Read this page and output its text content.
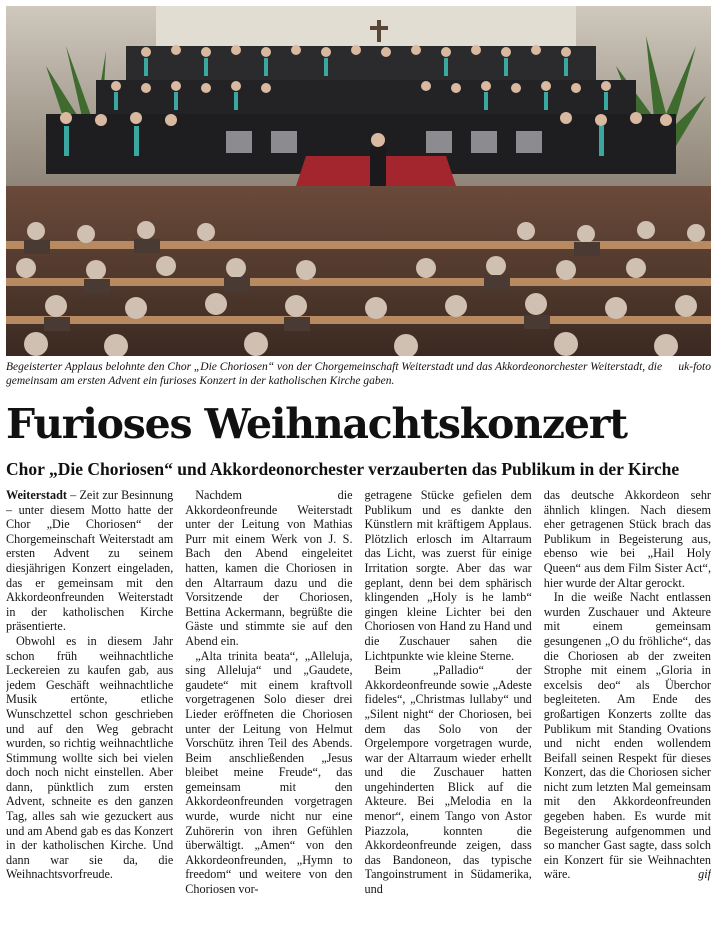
uk-foto
Begeisterter Applaus belohnte den Chor „Die Choriosen“ von der Chorgemeinschaft Weiterstadt und das Akkordeonorchester Weiterstadt, die gemeinsam am ersten Advent ein furioses Konzert in der katholischen Kirche gaben.
Furioses Weihnachtskonzert
Chor „Die Choriosen“ und Akkordeonorchester verzauberten das Publikum in der Kirche

Weiterstadt – Zeit zur Besinnung – unter diesem Motto hatte der Chor „Die Choriosen“ der Chorgemeinschaft Weiterstadt am ersten Advent zu seinem diesjährigen Konzert eingeladen, das er gemeinsam mit den Akkordeonfreunden Weiterstadt in der katholischen Kirche präsentierte.

Obwohl es in diesem Jahr schon früh weihnachtliche Leckereien zu kaufen gab, aus jedem Geschäft weihnachtliche Musik ertönte, etliche Wunschzettel schon geschrieben und auf den Weg gebracht wurden, so richtig weihnachtliche Stimmung wollte sich bei vielen doch noch nicht einstellen. Aber dann, pünktlich zum ersten Advent, schneite es den ganzen Tag, alles sah wie gezuckert aus und am Abend gab es das Konzert in der katholischen Kirche. Und dann war sie da, die Weihnachtsvorfreude.

Nachdem die Akkordeonfreunde Weiterstadt unter der Leitung von Mathias Purr mit einem Werk von J. S. Bach den Abend eingeleitet hatten, kamen die Choriosen in den Altarraum dazu und die Vorsitzende der Choriosen, Bettina Ackermann, begrüßte die Gäste und stimmte sie auf den Abend ein.

„Alta trinita beata“, „Alleluja, sing Alleluja“ und „Gaudete, gaudete“ mit einem kraftvoll vorgetragenen Solo dieser drei Lieder eröffneten die Choriosen unter der Leitung von Helmut Vorschütz ihren Teil des Abends. Beim anschließenden „Jesus bleibet meine Freude“, das gemeinsam mit den Akkordeonfreunden vorgetragen wurde, wurde nicht nur eine Zuhörerin von ihren Gefühlen überwältigt. „Amen“ von den Akkordeonfreunden, „Hymn to freedom“ und weitere von den Choriosen vor-

getragene Stücke gefielen dem Publikum und es dankte den Künstlern mit kräftigem Applaus. Plötzlich erlosch im Altarraum das Licht, was zuerst für einige Irritation sorgte. Aber das war geplant, denn bei dem sphärisch klingenden „Holy is he lamb“ gingen kleine Lichter bei den Choriosen von Hand zu Hand und die Zuschauer sahen die Lichtpunkte wie kleine Sterne.

Beim „Palladio“ der Akkordeonfreunde sowie „Adeste fideles“, „Christmas lullaby“ und „Silent night“ der Choriosen, bei dem das Solo von der Orgelempore vorgetragen wurde, war der Altarraum wieder erhellt und die Zuschauer hatten ungehinderten Blick auf die Akteure. Bei „Melodia en la menor“, einem Tango von Astor Piazzola, konnten die Akkordeonfreunde zeigen, dass das Bandoneon, das typische Tangoinstrument in Südamerika, und

das deutsche Akkordeon sehr ähnlich klingen. Nach diesem eher getragenen Stück brach das Publikum in Begeisterung aus, ebenso wie bei „Hail Holy Queen“ aus dem Film Sister Act“, hier wurde der Altar gerockt.

In die weiße Nacht entlassen wurden Zuschauer und Akteure mit einem gemeinsam gesungenen „O du fröhliche“, das die Choriosen ab der zweiten Strophe mit einem „Gloria in excelsis deo“ als Überchor begleiteten. Am Ende des großartigen Konzerts zollte das Publikum mit Standing Ovations und nicht enden wollendem Beifall seinen Respekt für dieses Konzert, das die Choriosen sicher nicht zum letzten Mal gemeinsam mit den Akkordeonfreunden gegeben haben. Es wurde mit Begeisterung aufgenommen und so mancher Gast sagte, dass solch ein Konzert für sie Weihnachten wäre.	gif
